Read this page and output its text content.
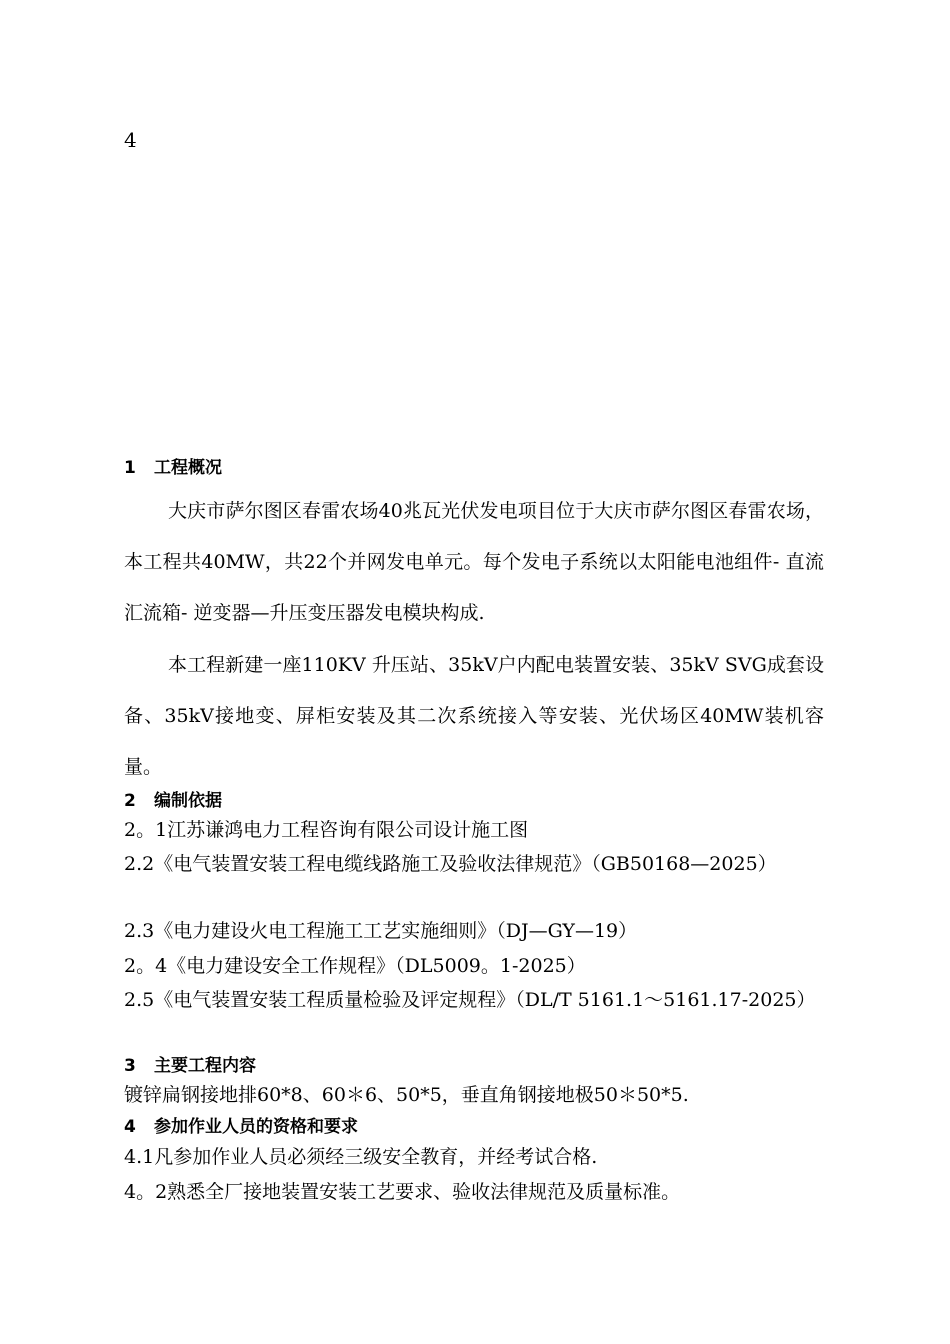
4
1 工程概况

大庆市萨尔图区春雷农场40兆瓦光伏发电项目位于大庆市萨尔图区春雷农场，本工程共40MW，共22个并网发电单元。每个发电子系统以太阳能电池组件- 直流汇流箱- 逆变器—升压变压器发电模块构成.

本工程新建一座110KV 升压站、35kV户内配电装置安装、35kV SVG成套设备、35kV接地变、屏柜安装及其二次系统接入等安装、光伏场区40MW装机容量。

2 编制依据
2。1江苏谦鸿电力工程咨询有限公司设计施工图
2.2《电气装置安装工程电缆线路施工及验收法律规范》（GB50168—2025）
2.3《电力建设火电工程施工工艺实施细则》（DJ—GY—19）
2。4《电力建设安全工作规程》（DL5009。1-2025）
2.5《电气装置安装工程质量检验及评定规程》（DL/T 5161.1～5161.17-2025）
3 主要工程内容
镀锌扁钢接地排60*8、60＊6、50*5，垂直角钢接地极50＊50*5.
4 参加作业人员的资格和要求
4.1凡参加作业人员必须经三级安全教育，并经考试合格.
4。2熟悉全厂接地装置安装工艺要求、验收法律规范及质量标准。
